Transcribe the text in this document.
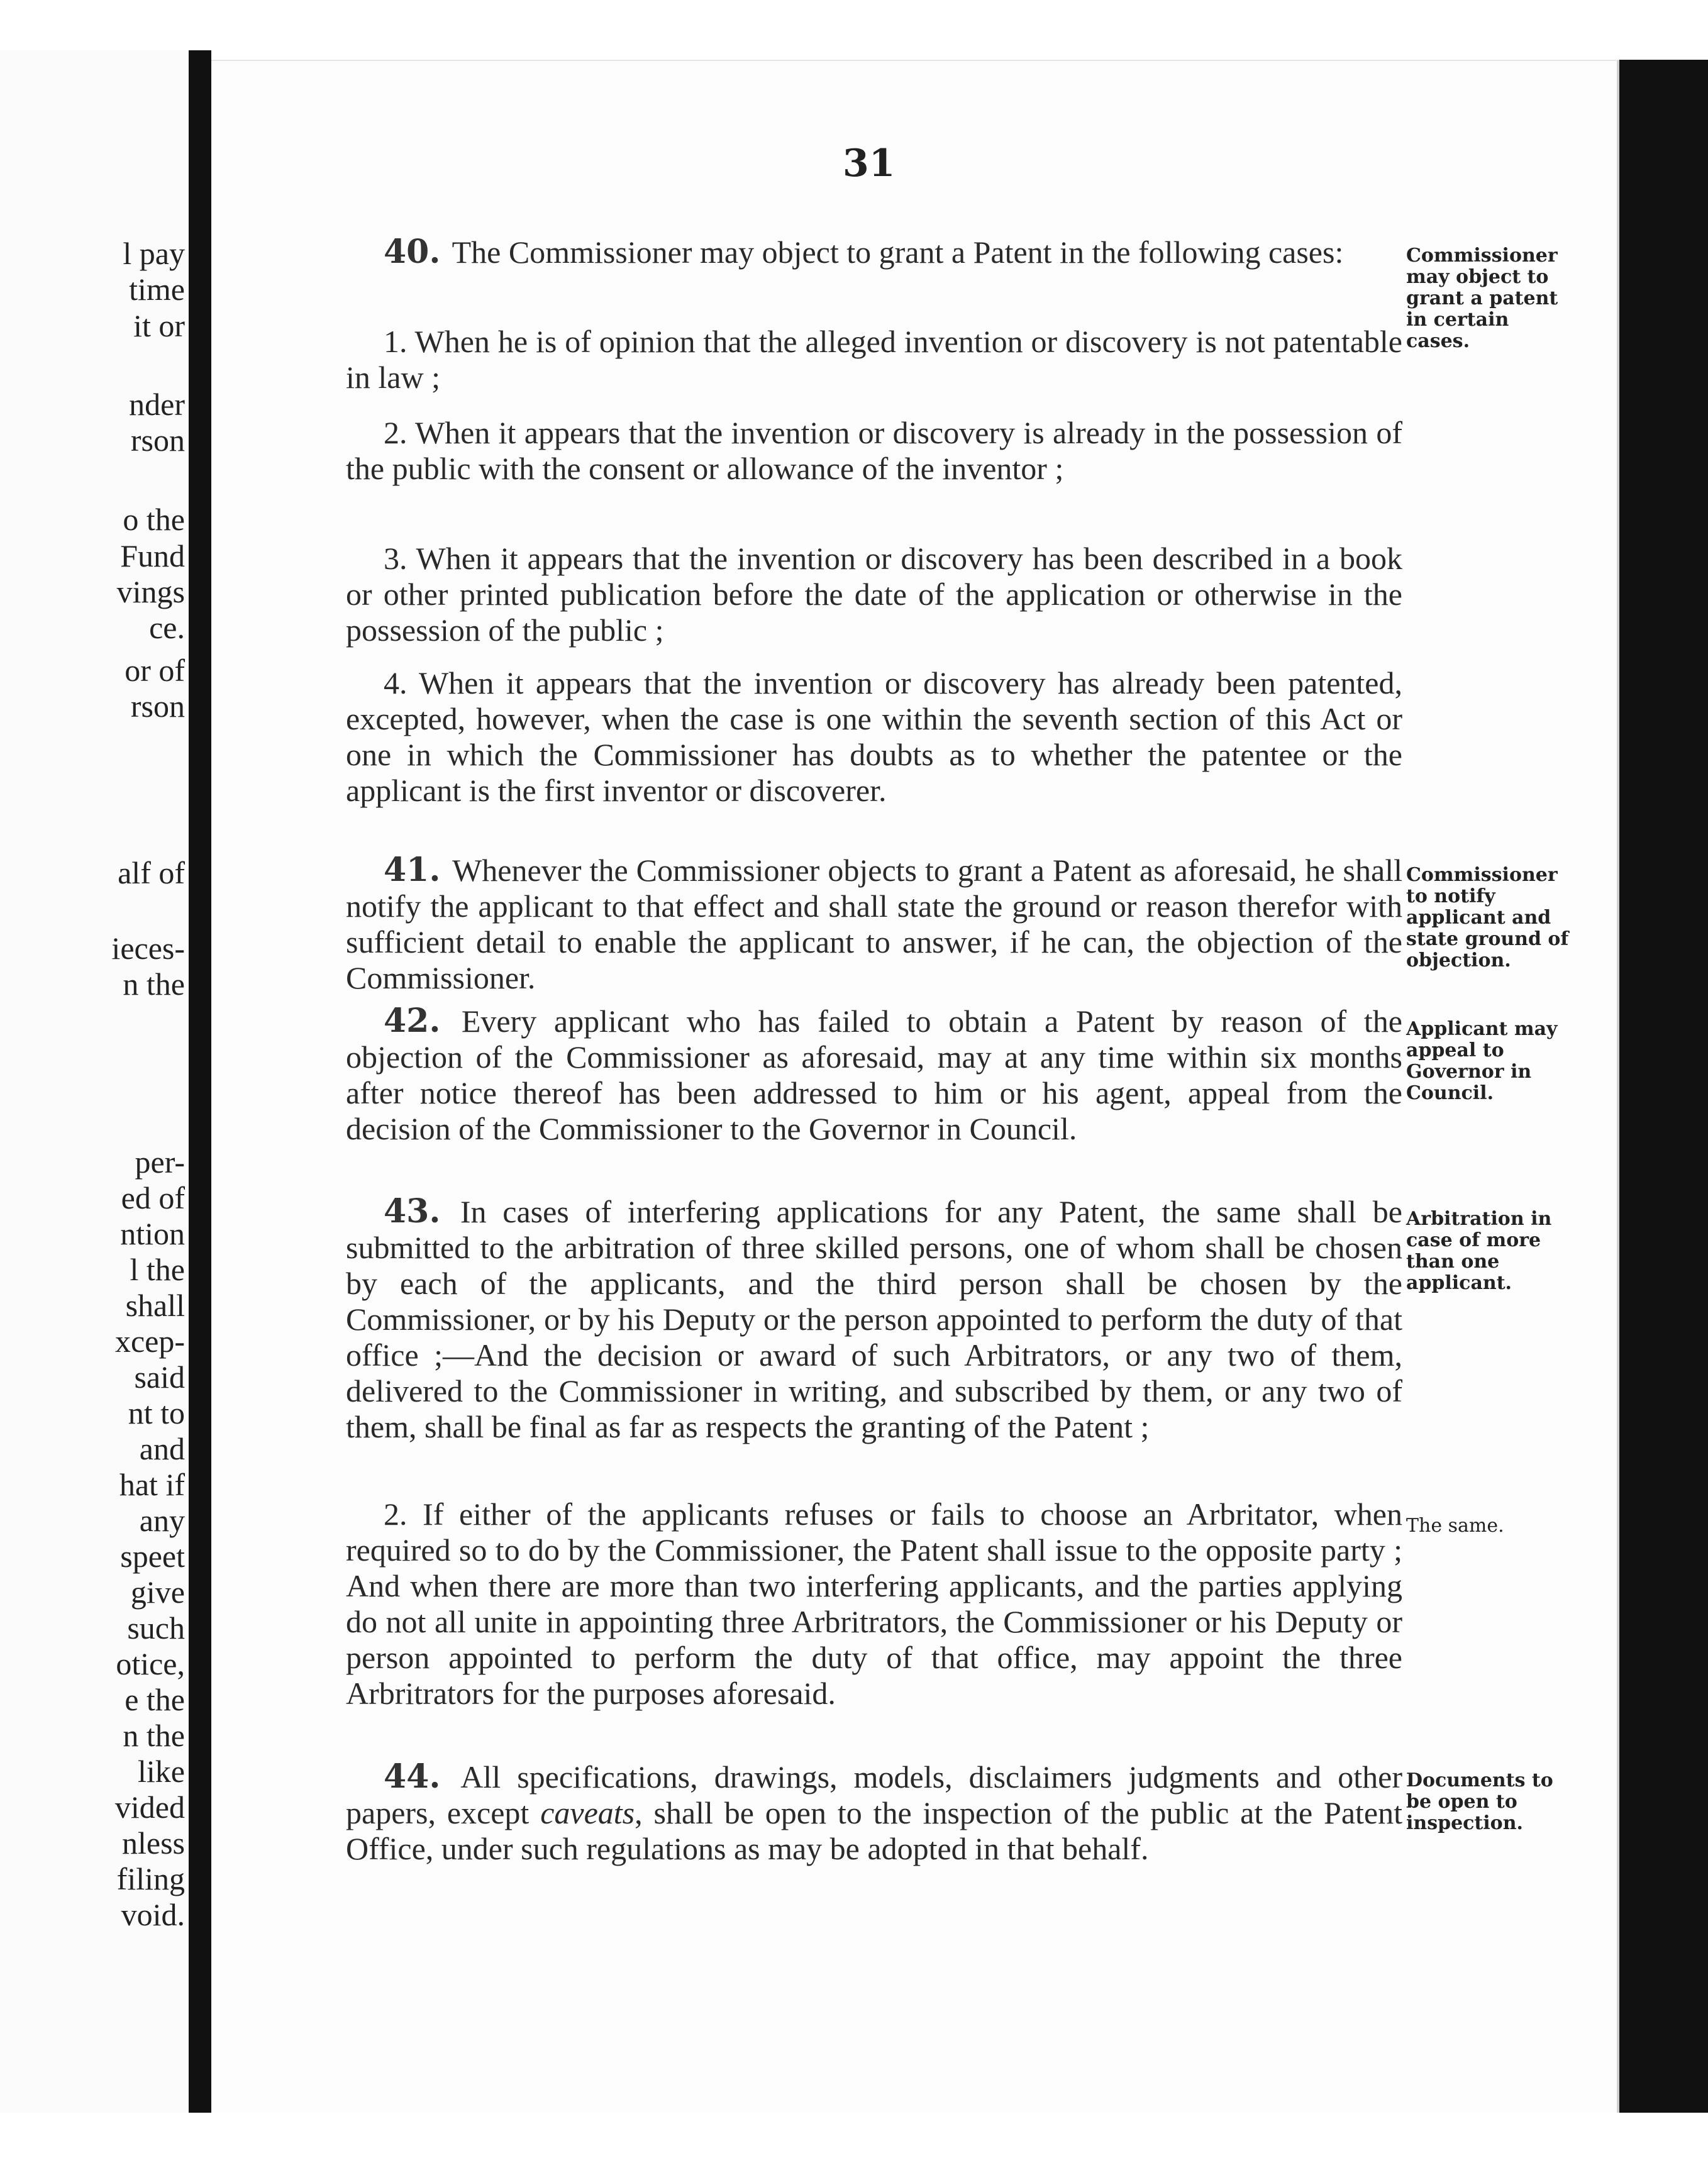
l pay
time
it or
nder
rson
o the
Fund
vings
ce.
or of
rson
alf of
ieces-
n the
per-
ed of
ntion
l the
shall
xcep-
said
nt to
and
hat if
any
speet
give
such
otice,
e the
n the
like
vided
nless
filing
void.
31
40. The Commissioner may object to grant a Patent in the following cases:	Commissioner may object to grant a patent in certain cases.
1. When he is of opinion that the alleged invention or discovery is not patentable in law ;
2. When it appears that the invention or discovery is already in the possession of the public with the consent or allowance of the inventor ;
3. When it appears that the invention or discovery has been described in a book or other printed publication before the date of the application or otherwise in the possession of the public ;
4. When it appears that the invention or discovery has already been patented, excepted, however, when the case is one within the seventh section of this Act or one in which the Commissioner has doubts as to whether the patentee or the applicant is the first inventor or discoverer.
41. Whenever the Commissioner objects to grant a Patent as aforesaid, he shall notify the applicant to that effect and shall state the ground or reason therefor with sufficient detail to enable the applicant to answer, if he can, the objection of the Commissioner.
Commissioner to notify applicant and state ground of objection.
42. Every applicant who has failed to obtain a Patent by reason of the objection of the Commissioner as aforesaid, may at any time within six months after notice thereof has been addressed to him or his agent, appeal from the decision of the Commissioner to the Governor in Council.
Applicant may appeal to Governor in Council.
43. In cases of interfering applications for any Patent, the same shall be submitted to the arbitration of three skilled persons, one of whom shall be chosen by each of the applicants, and the third person shall be chosen by the Commissioner, or by his Deputy or the person appointed to perform the duty of that office ;—And the decision or award of such Arbitrators, or any two of them, delivered to the Commissioner in writing, and subscribed by them, or any two of them, shall be final as far as respects the granting of the Patent ;
Arbitration in case of more than one applicant.
2. If either of the applicants refuses or fails to choose an Arbritator, when required so to do by the Commissioner, the Patent shall issue to the opposite party ; And when there are more than two interfering applicants, and the parties applying do not all unite in appointing three Arbritrators, the Commissioner or his Deputy or person appointed to perform the duty of that office, may appoint the three Arbritrators for the purposes aforesaid.
The same.
44. All specifications, drawings, models, disclaimers judgments and other papers, except caveats, shall be open to the inspection of the public at the Patent Office, under such regulations as may be adopted in that behalf.
Documents to be open to inspection.
